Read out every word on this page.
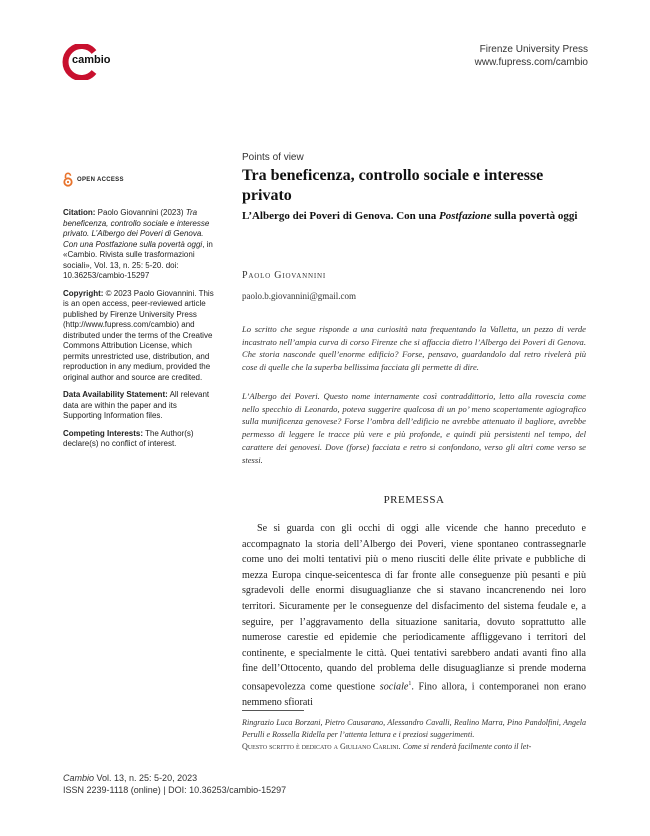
cambio
Firenze University Press
www.fupress.com/cambio
OPEN ACCESS

Citation: Paolo Giovannini (2023) Tra beneficenza, controllo sociale e interesse privato. L’Albergo dei Poveri di Genova. Con una Postfazione sulla povertà oggi, in «Cambio. Rivista sulle trasformazioni sociali», Vol. 13, n. 25: 5-20. doi: 10.36253/cambio-15297

Copyright: © 2023 Paolo Giovannini. This is an open access, peer-reviewed article published by Firenze University Press (http://www.fupress.com/cambio) and distributed under the terms of the Creative Commons Attribution License, which permits unrestricted use, distribution, and reproduction in any medium, provided the original author and source are credited.

Data Availability Statement: All relevant data are within the paper and its Supporting Information files.

Competing Interests: The Author(s) declare(s) no conflict of interest.

Points of view
Tra beneficenza, controllo sociale e interesse privato
L’Albergo dei Poveri di Genova. Con una Postfazione sulla povertà oggi
Paolo Giovannini
paolo.b.giovannini@gmail.com

Lo scritto che segue risponde a una curiosità nata frequentando la Valletta, un pezzo di verde incastrato nell’ampia curva di corso Firenze che si affaccia dietro l’Albergo dei Poveri di Genova. Che storia nasconde quell’enorme edificio? Forse, pensavo, guardandolo dal retro rivelerà più cose di quelle che la superba bellissima facciata gli permette di dire.

L’Albergo dei Poveri. Questo nome internamente così contraddittorio, letto alla rovescia come nello specchio di Leonardo, poteva suggerire qualcosa di un po’ meno scopertamente agiografico sulla munificenza genovese? Forse l’ombra dell’edificio ne avrebbe attenuato il bagliore, avrebbe permesso di leggere le tracce più vere e più profonde, e quindi più persistenti nel tempo, del carattere dei genovesi. Dove (forse) facciata e retro si confondono, verso gli altri come verso se stessi.

PREMESSA

Se si guarda con gli occhi di oggi alle vicende che hanno preceduto e accompagnato la storia dell’Albergo dei Poveri, viene spontaneo contrassegnarle come uno dei molti tentativi più o meno riusciti delle élite private e pubbliche di mezza Europa cinque-seicentesca di far fronte alle conseguenze più pesanti e più sgradevoli delle enormi disuguaglianze che si stavano incancrenendo nei loro territori. Sicuramente per le conseguenze del disfacimento del sistema feudale e, a seguire, per l’aggravamento della situazione sanitaria, dovuto soprattutto alle numerose carestie ed epidemie che periodicamente affliggevano i territori del continente, e specialmente le città. Quei tentativi sarebbero andati avanti fino alla fine dell’Ottocento, quando del problema delle disuguaglianze si prende moderna consapevolezza come questione sociale$^1$. Fino allora, i contemporanei non erano nemmeno sfiorati

Ringrazio Luca Borzani, Pietro Causarano, Alessandro Cavalli, Realino Marra, Pino Pandolfini, Angela Perulli e Rossella Ridella per l’attenta lettura e i preziosi suggerimenti.
Questo scritto è dedicato a Giuliano Carlini. Come si renderà facilmente conto il let-

Cambio Vol. 13, n. 25: 5-20, 2023
ISSN 2239-1118 (online) | DOI: 10.36253/cambio-15297
